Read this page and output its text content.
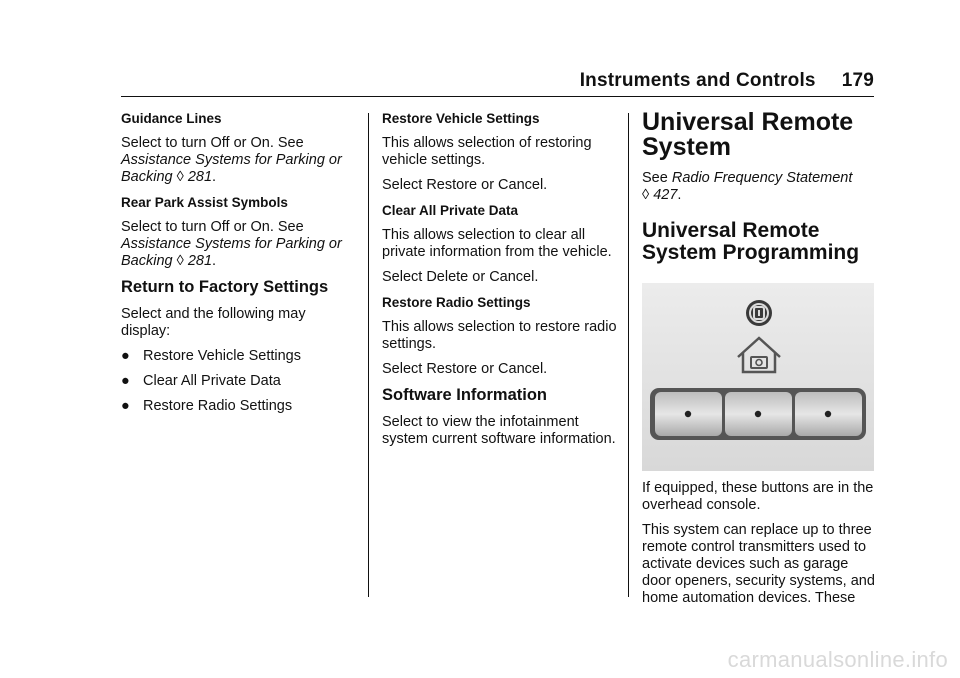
Instruments and Controls 179
Guidance Lines
Select to turn Off or On. See Assistance Systems for Parking or Backing ◊ 281.
Rear Park Assist Symbols
Select to turn Off or On. See Assistance Systems for Parking or Backing ◊ 281.
Return to Factory Settings
Select and the following may display:
● Restore Vehicle Settings
● Clear All Private Data
● Restore Radio Settings
Restore Vehicle Settings
This allows selection of restoring vehicle settings.
Select Restore or Cancel.
Clear All Private Data
This allows selection to clear all private information from the vehicle.
Select Delete or Cancel.
Restore Radio Settings
This allows selection to restore radio settings.
Select Restore or Cancel.
Software Information
Select to view the infotainment system current software information.
Universal Remote System
See Radio Frequency Statement
◊ 427.
Universal Remote System Programming
If equipped, these buttons are in the overhead console.
This system can replace up to three remote control transmitters used to activate devices such as garage door openers, security systems, and home automation devices. These
carmanualsonline.info
